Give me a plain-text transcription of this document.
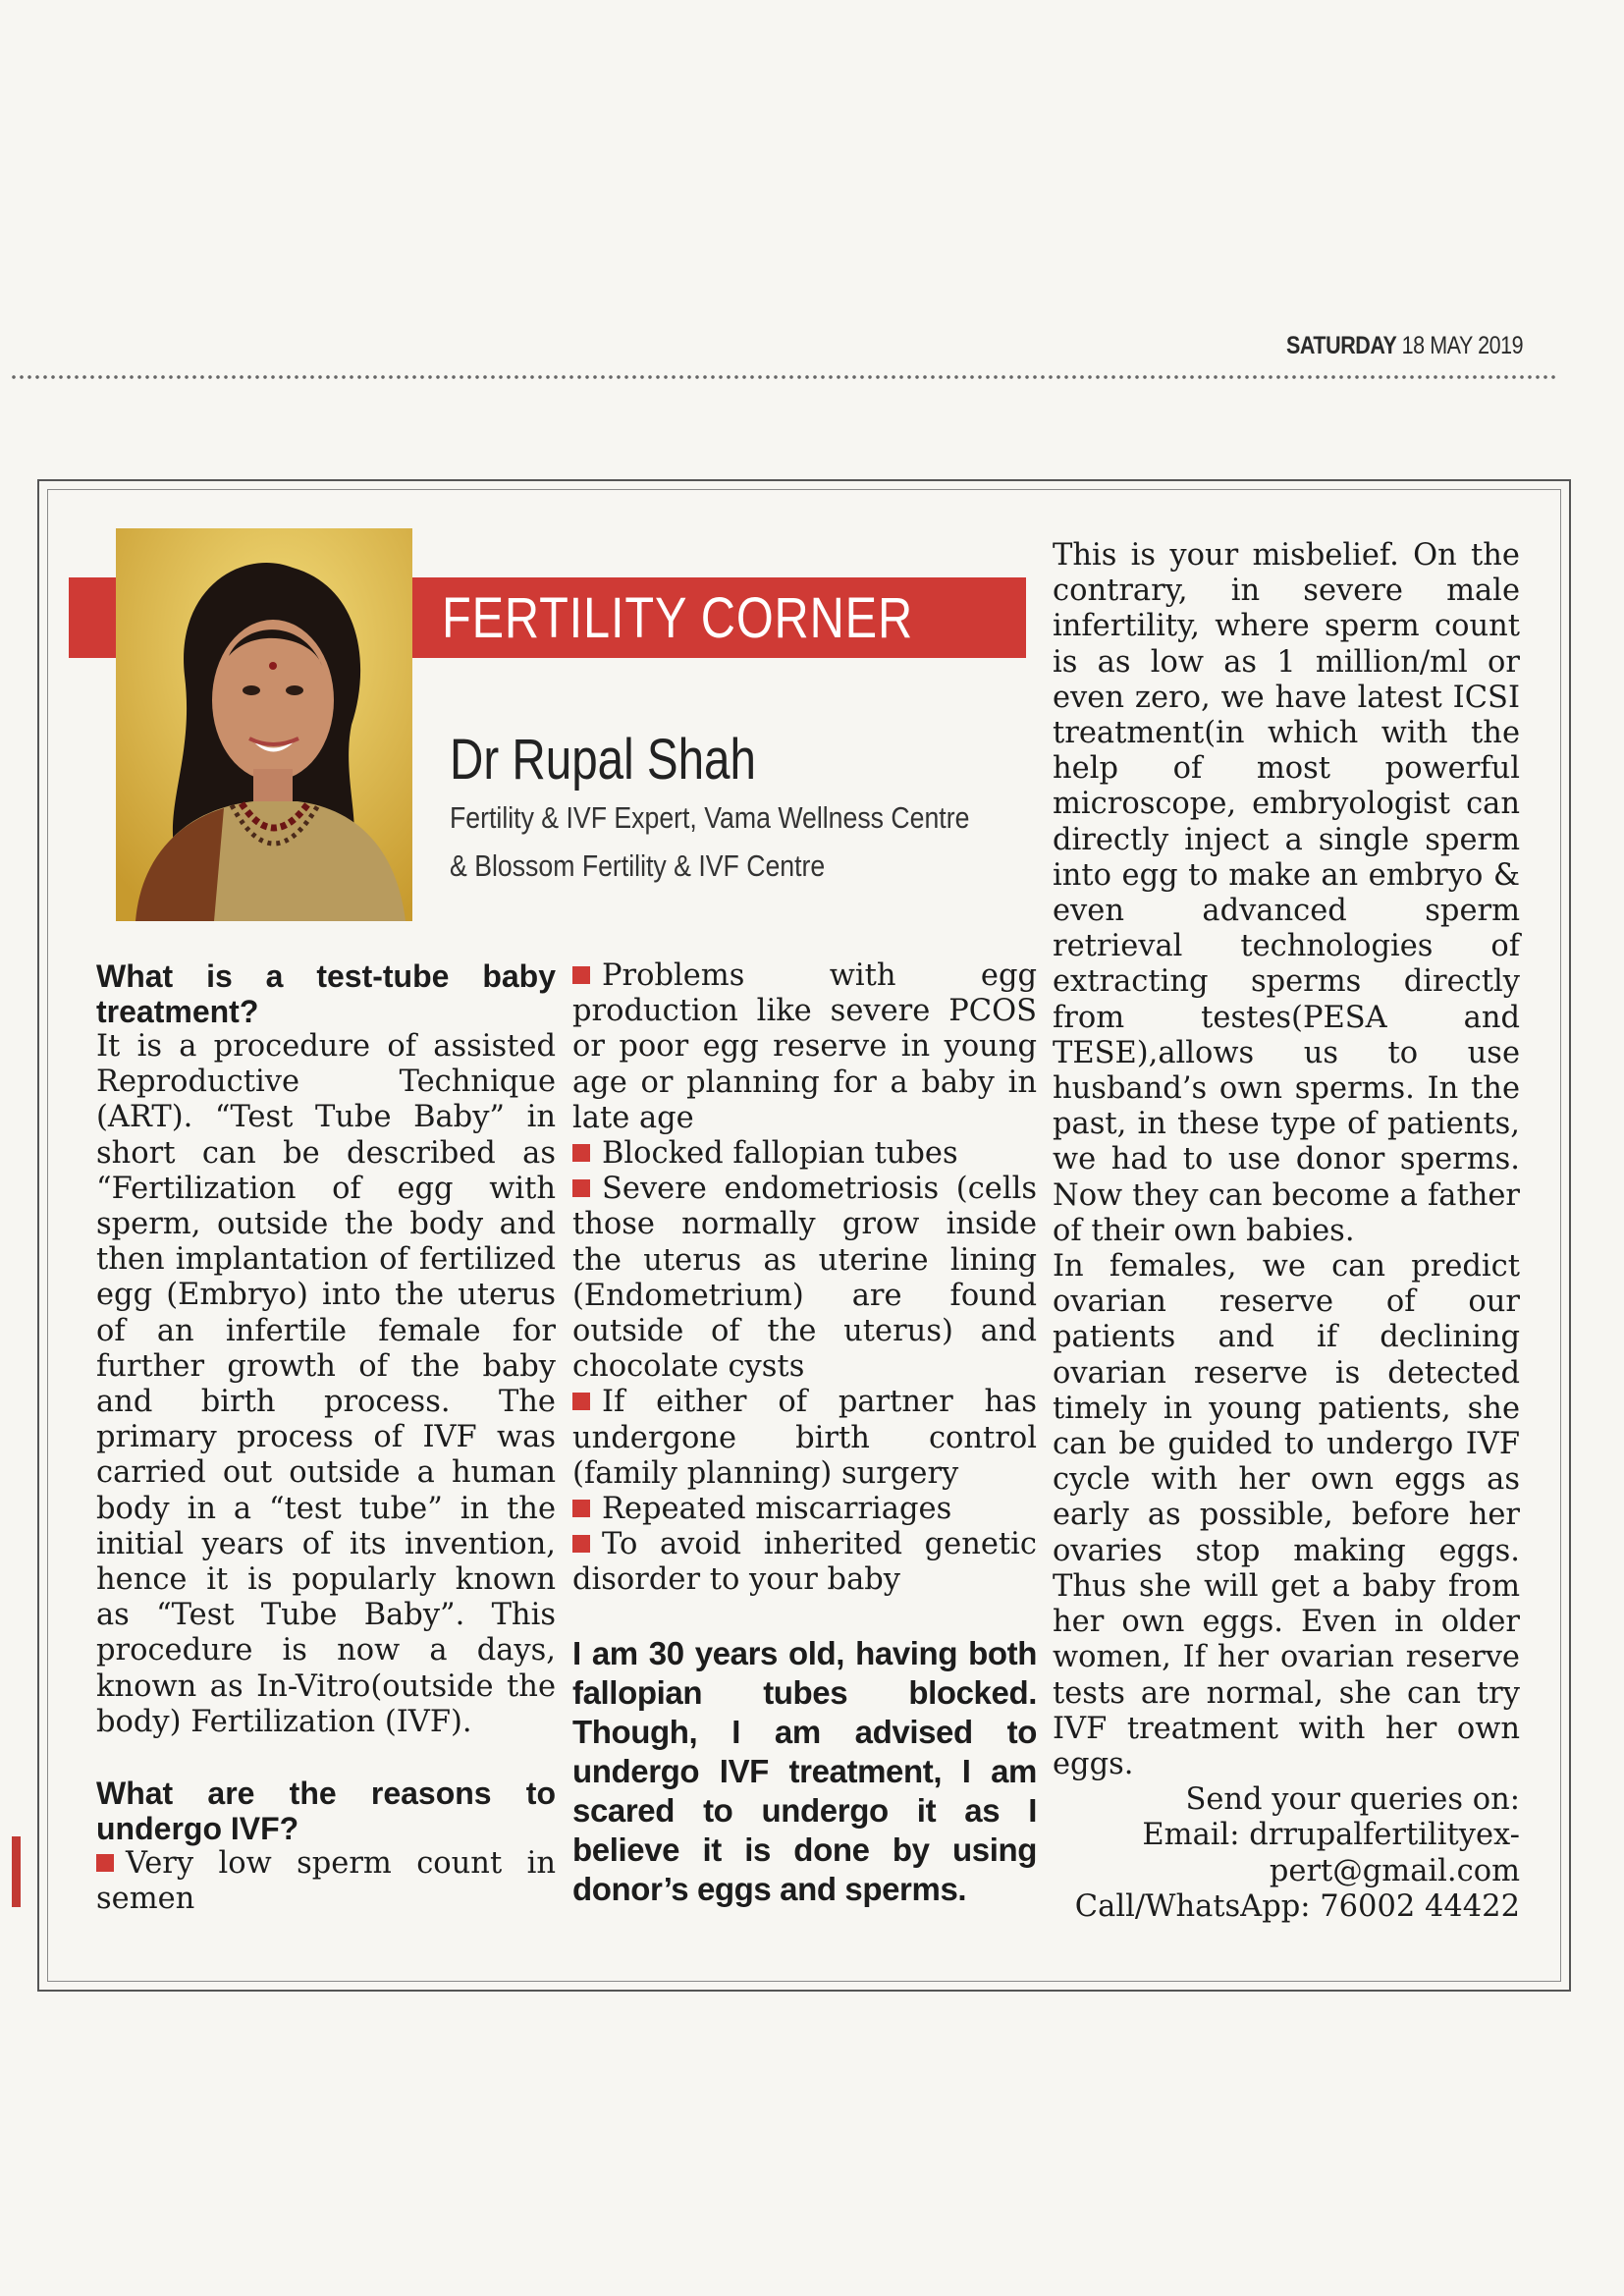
SATURDAY 18 MAY 2019
FERTILITY CORNER
Dr Rupal Shah
Fertility & IVF Expert, Vama Wellness Centre
& Blossom Fertility & IVF Centre
What is a test-tube baby treatment?

It is a procedure of assisted Reproductive Technique (ART). “Test Tube Baby” in short can be described as “Fertilization of egg with sperm, outside the body and then implantation of fertilized egg (Embryo) into the uterus of an infertile female for further growth of the baby and birth process. The primary process of IVF was carried out outside a human body in a “test tube” in the initial years of its invention, hence it is popularly known as “Test Tube Baby”. This procedure is now a days, known as In-Vitro(outside the body) Fertilization (IVF).

What are the reasons to undergo IVF?

Very low sperm count in semen

Problems with egg production like severe PCOS or poor egg reserve in young age or planning for a baby in late age

Blocked fallopian tubes

Severe endometriosis (cells those normally grow inside the uterus as uterine lining (Endometrium) are found outside of the uterus) and chocolate cysts

If either of partner has undergone birth control (family planning) surgery

Repeated miscarriages

To avoid inherited genetic disorder to your baby

I am 30 years old, having both fallopian tubes blocked. Though, I am advised to undergo IVF treatment, I am scared to undergo it as I believe it is done by using donor’s eggs and sperms.

This is your misbelief. On the contrary, in severe male infertility, where sperm count is as low as 1 million/ml or even zero, we have latest ICSI treatment(in which with the help of most powerful microscope, embryologist can directly inject a single sperm into egg to make an embryo & even advanced sperm retrieval technologies of extracting sperms directly from testes(PESA and TESE),allows us to use husband’s own sperms. In the past, in these type of patients, we had to use donor sperms. Now they can become a father of their own babies.

In females, we can predict ovarian reserve of our patients and if declining ovarian reserve is detected timely in young patients, she can be guided to undergo IVF cycle with her own eggs as early as possible, before her ovaries stop making eggs. Thus she will get a baby from her own eggs. Even in older women, If her ovarian reserve tests are normal, she can try IVF treatment with her own eggs.

Send your queries on:

Email: drrupalfertilityex-

pert@gmail.com

Call/WhatsApp: 76002 44422
